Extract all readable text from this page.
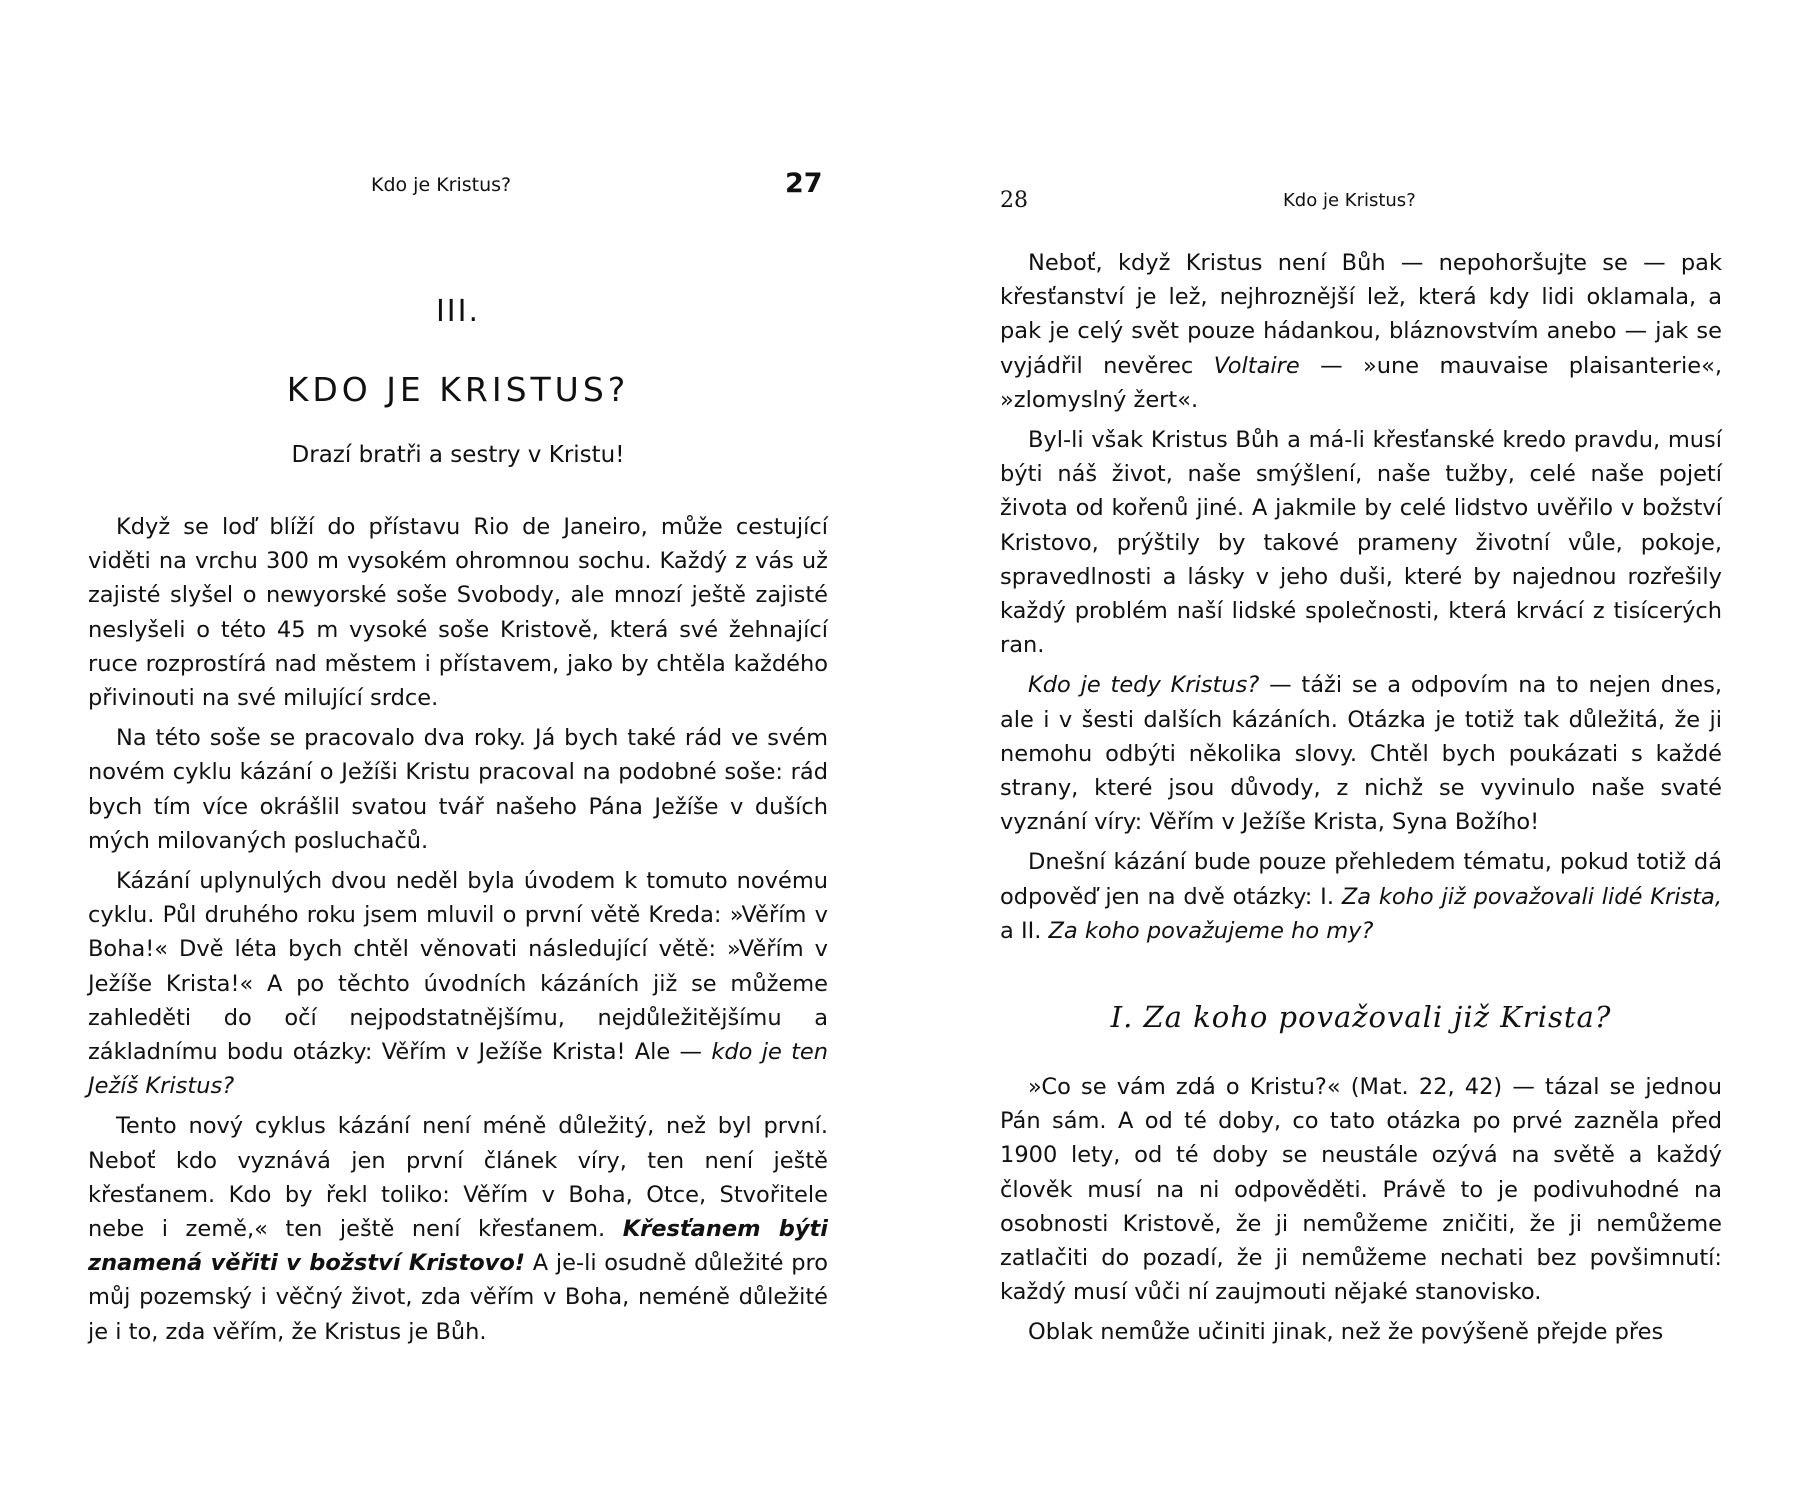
Kdo je Kristus?	27
III.
KDO JE KRISTUS?
Drazí bratři a sestry v Kristu!

Když se loď blíží do přístavu Rio de Janeiro, může cestující viděti na vrchu 300 m vysokém ohromnou sochu. Každý z vás už zajisté slyšel o newyorské soše Svobody, ale mnozí ještě zajisté neslyšeli o této 45 m vysoké soše Kristově, která své žehnající ruce rozprostírá nad městem i přístavem, jako by chtěla každého přivinouti na své milující srdce.

Na této soše se pracovalo dva roky. Já bych také rád ve svém novém cyklu kázání o Ježíši Kristu pracoval na podobné soše: rád bych tím více okrášlil svatou tvář našeho Pána Ježíše v duších mých milovaných posluchačů.

Kázání uplynulých dvou neděl byla úvodem k tomuto novému cyklu. Půl druhého roku jsem mluvil o první větě Kreda: »Věřím v Boha!« Dvě léta bych chtěl věnovati následující větě: »Věřím v Ježíše Krista!« A po těchto úvodních kázáních již se můžeme zahleděti do očí nejpodstatnějšímu, nejdůležitějšímu a základnímu bodu otázky: Věřím v Ježíše Krista! Ale — kdo je ten Ježíš Kristus?

Tento nový cyklus kázání není méně důležitý, než byl první. Neboť kdo vyznává jen první článek víry, ten není ještě křesťanem. Kdo by řekl toliko: Věřím v Boha, Otce, Stvořitele nebe i země,« ten ještě není křesťanem. Křesťanem býti znamená věřiti v božství Kristovo! A je-li osudně důležité pro můj pozemský i věčný život, zda věřím v Boha, neméně důležité je i to, zda věřím, že Kristus je Bůh.

28	Kdo je Kristus?

Neboť, když Kristus není Bůh — nepohoršujte se — pak křesťanství je lež, nejhroznější lež, která kdy lidi oklamala, a pak je celý svět pouze hádankou, bláznovstvím anebo — jak se vyjádřil nevěrec Voltaire — »une mauvaise plaisanterie«, »zlomyslný žert«.

Byl-li však Kristus Bůh a má-li křesťanské kredo pravdu, musí býti náš život, naše smýšlení, naše tužby, celé naše pojetí života od kořenů jiné. A jakmile by celé lidstvo uvěřilo v božství Kristovo, prýštily by takové prameny životní vůle, pokoje, spravedlnosti a lásky v jeho duši, které by najednou rozřešily každý problém naší lidské společnosti, která krvácí z tisícerých ran.

Kdo je tedy Kristus? — táži se a odpovím na to nejen dnes, ale i v šesti dalších kázáních. Otázka je totiž tak důležitá, že ji nemohu odbýti několika slovy. Chtěl bych poukázati s každé strany, které jsou důvody, z nichž se vyvinulo naše svaté vyznání víry: Věřím v Ježíše Krista, Syna Božího!

Dnešní kázání bude pouze přehledem tématu, pokud totiž dá odpověď jen na dvě otázky: I. Za koho již považovali lidé Krista, a II. Za koho považujeme ho my?

I. Za koho považovali již Krista?

»Co se vám zdá o Kristu?« (Mat. 22, 42) — tázal se jednou Pán sám. A od té doby, co tato otázka po prvé zazněla před 1900 lety, od té doby se neustále ozývá na světě a každý člověk musí na ni odpověděti. Právě to je podivuhodné na osobnosti Kristově, že ji nemůžeme zničiti, že ji nemůžeme zatlačiti do pozadí, že ji nemůžeme nechati bez povšimnutí: každý musí vůči ní zaujmouti nějaké stanovisko.

Oblak nemůže učiniti jinak, než že povýšeně přejde přes
